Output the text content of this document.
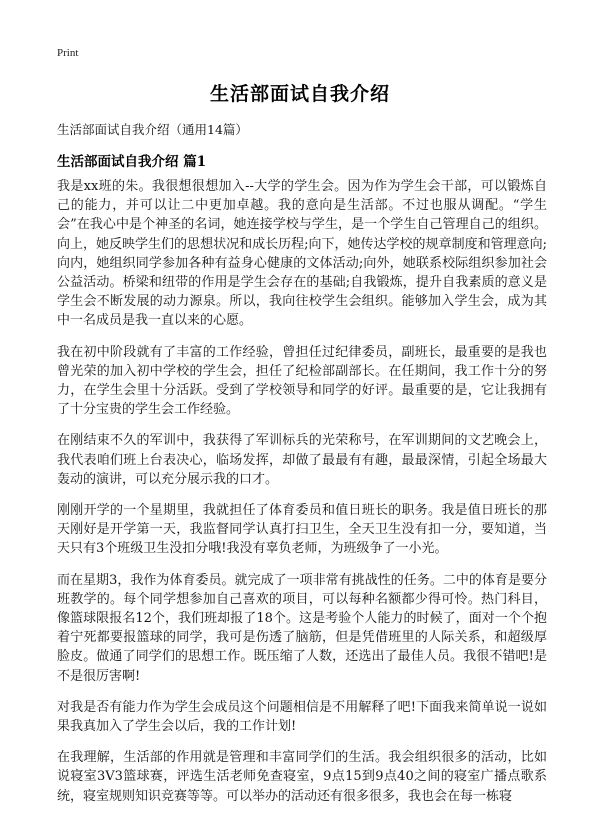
Print
生活部面试自我介绍
生活部面试自我介绍（通用14篇）
生活部面试自我介绍 篇1

我是xx班的朱。我很想很想加入--大学的学生会。因为作为学生会干部，可以锻炼自己的能力，并可以让二中更加卓越。我的意向是生活部。不过也服从调配。“学生会”在我心中是个神圣的名词，她连接学校与学生，是一个学生自己管理自己的组织。向上，她反映学生们的思想状况和成长历程;向下，她传达学校的规章制度和管理意向;向内，她组织同学参加各种有益身心健康的文体活动;向外，她联系校际组织参加社会公益活动。桥梁和纽带的作用是学生会存在的基础;自我锻炼，提升自我素质的意义是学生会不断发展的动力源泉。所以，我向往校学生会组织。能够加入学生会，成为其中一名成员是我一直以来的心愿。

我在初中阶段就有了丰富的工作经验，曾担任过纪律委员，副班长，最重要的是我也曾光荣的加入初中学校的学生会，担任了纪检部副部长。在任期间，我工作十分的努力，在学生会里十分活跃。受到了学校领导和同学的好评。最重要的是，它让我拥有了十分宝贵的学生会工作经验。

在刚结束不久的军训中，我获得了军训标兵的光荣称号，在军训期间的文艺晚会上，我代表咱们班上台表决心，临场发挥，却做了最最有有趣，最最深情，引起全场最大轰动的演讲，可以充分展示我的口才。

刚刚开学的一个星期里，我就担任了体育委员和值日班长的职务。我是值日班长的那天刚好是开学第一天，我监督同学认真打扫卫生，全天卫生没有扣一分，要知道，当天只有3个班级卫生没扣分哦!我没有辜负老师，为班级争了一小光。

而在星期3，我作为体育委员。就完成了一项非常有挑战性的任务。二中的体育是要分班教学的。每个同学想参加自己喜欢的项目，可以每种名额都少得可怜。热门科目，像篮球限报名12个，我们班却报了18个。这是考验个人能力的时候了，面对一个个抱着宁死都要报篮球的同学，我可是伤透了脑筋，但是凭借班里的人际关系，和超级厚脸皮。做通了同学们的思想工作。既压缩了人数，还选出了最佳人员。我很不错吧!是不是很厉害啊!

对我是否有能力作为学生会成员这个问题相信是不用解释了吧!下面我来简单说一说如果我真加入了学生会以后，我的工作计划!

在我理解，生活部的作用就是管理和丰富同学们的生活。我会组织很多的活动，比如说寝室3V3篮球赛，评选生活老师免查寝室，9点15到9点40之间的寝室广播点歌系统，寝室规则知识竞赛等等。可以举办的活动还有很多很多，我也会在每一栋寝
